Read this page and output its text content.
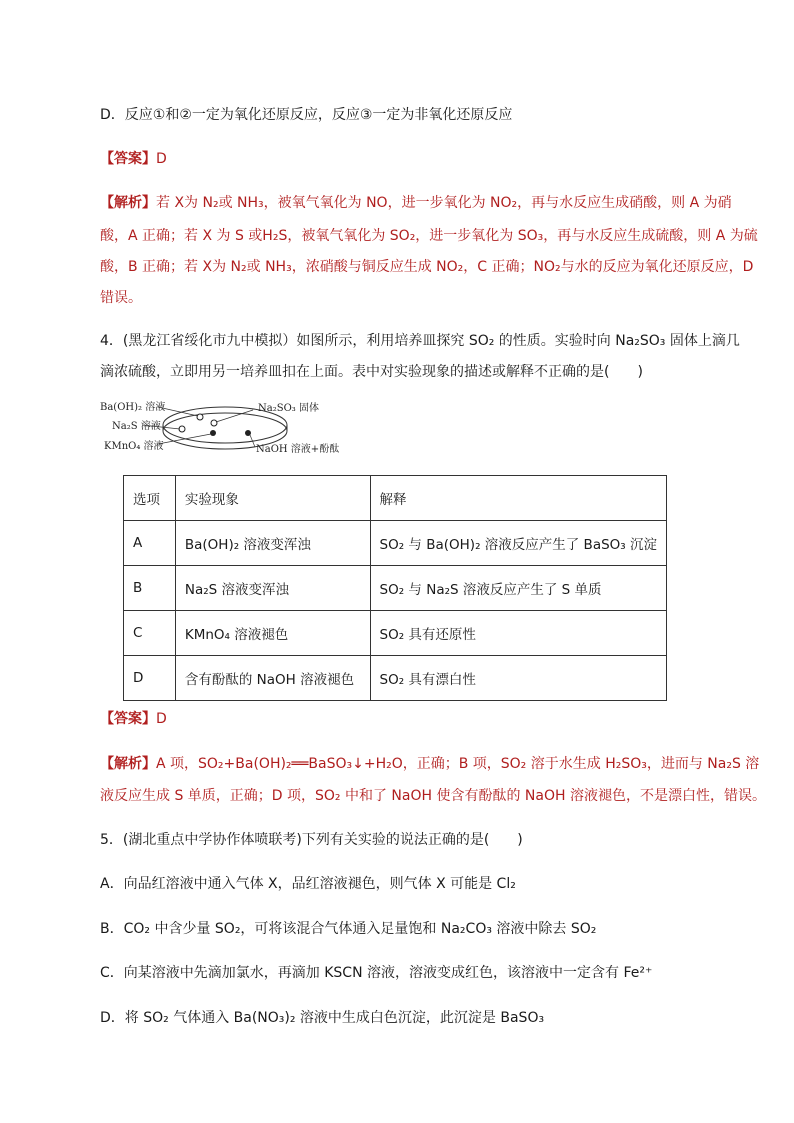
D．反应①和②一定为氧化还原反应，反应③一定为非氧化还原反应
【答案】D
【解析】若 X为 N₂或 NH₃，被氧气氧化为 NO，进一步氧化为 NO₂，再与水反应生成硝酸，则 A 为硝
酸，A 正确；若 X 为 S 或H₂S，被氧气氧化为 SO₂，进一步氧化为 SO₃，再与水反应生成硫酸，则 A 为硫
酸，B 正确；若 X为 N₂或 NH₃，浓硝酸与铜反应生成 NO₂，C 正确；NO₂与水的反应为氧化还原反应，D
错误。
4．(黑龙江省绥化市九中模拟）如图所示，利用培养皿探究 SO₂ 的性质。实验时向 Na₂SO₃ 固体上滴几
滴浓硫酸，立即用另一培养皿扣在上面。表中对实验现象的描述或解释不正确的是(　　)
Ba(OH)₂ 溶液
Na₂S 溶液
KMnO₄ 溶液
Na₂SO₃ 固体
NaOH 溶液+酚酞
选项	实验现象	解释
A	Ba(OH)₂ 溶液变浑浊	SO₂ 与 Ba(OH)₂ 溶液反应产生了 BaSO₃ 沉淀
B	Na₂S 溶液变浑浊	SO₂ 与 Na₂S 溶液反应产生了 S 单质
C	KMnO₄ 溶液褪色	SO₂ 具有还原性
D	含有酚酞的 NaOH 溶液褪色	SO₂ 具有漂白性
【答案】D
【解析】A 项，SO₂+Ba(OH)₂══BaSO₃↓+H₂O，正确；B 项，SO₂ 溶于水生成 H₂SO₃，进而与 Na₂S 溶
液反应生成 S 单质，正确；D 项，SO₂ 中和了 NaOH 使含有酚酞的 NaOH 溶液褪色，不是漂白性，错误。
5．(湖北重点中学协作体喷联考)下列有关实验的说法正确的是(　　)
A．向品红溶液中通入气体 X，品红溶液褪色，则气体 X 可能是 Cl₂
B．CO₂ 中含少量 SO₂，可将该混合气体通入足量饱和 Na₂CO₃ 溶液中除去 SO₂
C．向某溶液中先滴加氯水，再滴加 KSCN 溶液，溶液变成红色，该溶液中一定含有 Fe²⁺
D．将 SO₂ 气体通入 Ba(NO₃)₂ 溶液中生成白色沉淀，此沉淀是 BaSO₃
